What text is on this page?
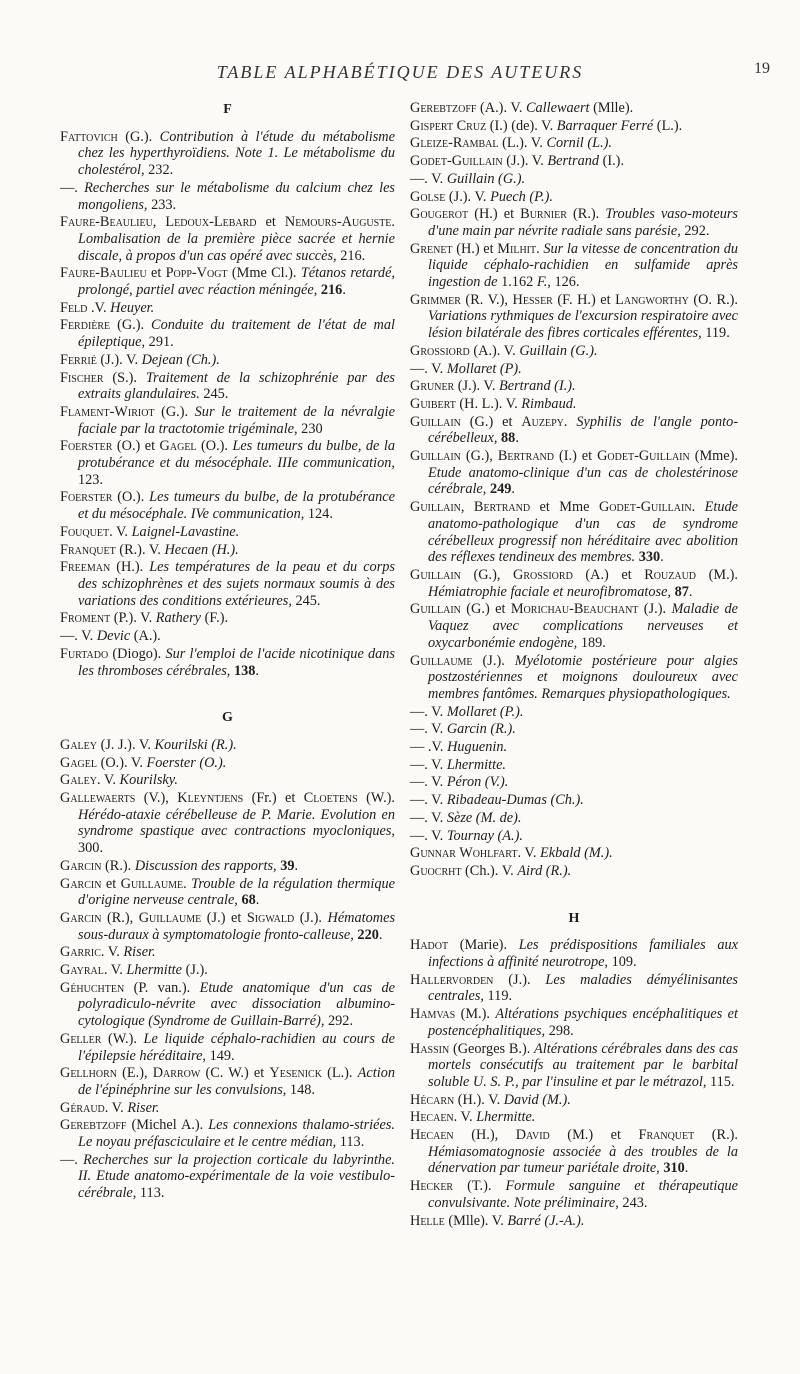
TABLE ALPHABÉTIQUE DES AUTEURS	19
F
Fattovich (G.). Contribution à l'étude du métabolisme chez les hyperthyroïdiens. Note 1. Le métabolisme du cholestérol, 232.
—. Recherches sur le métabolisme du calcium chez les mongoliens, 233.
Faure-Beaulieu, Ledoux-Lebard et Nemours-Auguste. Lombalisation de la première pièce sacrée et hernie discale, à propos d'un cas opéré avec succès, 216.
Faure-Baulieu et Popp-Vogt (Mme Cl.). Tétanos retardé, prolongé, partiel avec réaction méningée, 216.
Feld .V. Heuyer.
Ferdière (G.). Conduite du traitement de l'état de mal épileptique, 291.
Ferrié (J.). V. Dejean (Ch.).
Fischer (S.). Traitement de la schizophrénie par des extraits glandulaires. 245.
Flament-Wiriot (G.). Sur le traitement de la névralgie faciale par la tractotomie trigéminale, 230
Foerster (O.) et Gagel (O.). Les tumeurs du bulbe, de la protubérance et du mésocéphale. IIIe communication, 123.
Foerster (O.). Les tumeurs du bulbe, de la protubérance et du mésocéphale. IVe communication, 124.
Fouquet. V. Laignel-Lavastine.
Franquet (R.). V. Hecaen (H.).
Freeman (H.). Les températures de la peau et du corps des schizophrènes et des sujets normaux soumis à des variations des conditions extérieures, 245.
Froment (P.). V. Rathery (F.).
—. V. Devic (A.).
Furtado (Diogo). Sur l'emploi de l'acide nicotinique dans les thromboses cérébrales, 138.
G
Galey (J. J.). V. Kourilski (R.).
Gagel (O.). V. Foerster (O.).
Galey. V. Kourilsky.
Gallewaerts (V.), Kleyntjens (Fr.) et Cloetens (W.). Hérédo-ataxie cérébelleuse de P. Marie. Evolution en syndrome spastique avec contractions myocloniques, 300.
Garcin (R.). Discussion des rapports, 39.
Garcin et Guillaume. Trouble de la régulation thermique d'origine nerveuse centrale, 68.
Garcin (R.), Guillaume (J.) et Sigwald (J.). Hématomes sous-duraux à symptomatologie fronto-calleuse, 220.
Garric. V. Riser.
Gayral. V. Lhermitte (J.).
Géhuchten (P. van.). Etude anatomique d'un cas de polyradiculo-névrite avec dissociation albumino-cytologique (Syndrome de Guillain-Barré), 292.
Geller (W.). Le liquide céphalo-rachidien au cours de l'épilepsie héréditaire, 149.
Gellhorn (E.), Darrow (C. W.) et Yesenick (L.). Action de l'épinéphrine sur les convulsions, 148.
Géraud. V. Riser.
Gerebtzoff (Michel A.). Les connexions thalamo-striées. Le noyau préfasciculaire et le centre médian, 113.
—. Recherches sur la projection corticale du labyrinthe. II. Etude anatomo-expérimentale de la voie vestibulo-cérébrale, 113.
Gerebtzoff (A.). V. Callewaert (Mlle).
Gispert Cruz (I.) (de). V. Barraquer Ferré (L.).
Gleize-Rambal (L.). V. Cornil (L.).
Godet-Guillain (J.). V. Bertrand (I.).
—. V. Guillain (G.).
Golse (J.). V. Puech (P.).
Gougerot (H.) et Burnier (R.). Troubles vaso-moteurs d'une main par névrite radiale sans parésie, 292.
Grenet (H.) et Milhit. Sur la vitesse de concentration du liquide céphalo-rachidien en sulfamide après ingestion de 1.162 F., 126.
Grimmer (R. V.), Hesser (F. H.) et Langworthy (O. R.). Variations rythmiques de l'excursion respiratoire avec lésion bilatérale des fibres corticales efférentes, 119.
Grossiord (A.). V. Guillain (G.).
—. V. Mollaret (P).
Gruner (J.). V. Bertrand (I.).
Guibert (H. L.). V. Rimbaud.
Guillain (G.) et Auzepy. Syphilis de l'angle ponto-cérébelleux, 88.
Guillain (G.), Bertrand (I.) et Godet-Guillain (Mme). Etude anatomo-clinique d'un cas de cholestérinose cérébrale, 249.
Guillain, Bertrand et Mme Godet-Guillain. Etude anatomo-pathologique d'un cas de syndrome cérébelleux progressif non héréditaire avec abolition des réflexes tendineux des membres. 330.
Guillain (G.), Grossiord (A.) et Rouzaud (M.). Hémiatrophie faciale et neurofibromatose, 87.
Guillain (G.) et Morichau-Beauchant (J.). Maladie de Vaquez avec complications nerveuses et oxycarbonémie endogène, 189.
Guillaume (J.). Myélotomie postérieure pour algies postzostériennes et moignons douloureux avec membres fantômes. Remarques physiopathologiques.
—. V. Mollaret (P.).
—. V. Garcin (R.).
— .V. Huguenin.
—. V. Lhermitte.
—. V. Péron (V.).
—. V. Ribadeau-Dumas (Ch.).
—. V. Sèze (M. de).
—. V. Tournay (A.).
Gunnar Wohlfart. V. Ekbald (M.).
Guocrht (Ch.). V. Aird (R.).
H
Hadot (Marie). Les prédispositions familiales aux infections à affinité neurotrope, 109.
Hallervorden (J.). Les maladies démyélinisantes centrales, 119.
Hamvas (M.). Altérations psychiques encéphalitiques et postencéphalitiques, 298.
Hassin (Georges B.). Altérations cérébrales dans des cas mortels consécutifs au traitement par le barbital soluble U. S. P., par l'insuline et par le métrazol, 115.
Hécarn (H.). V. David (M.).
Hecaen. V. Lhermitte.
Hecaen (H.), David (M.) et Franquet (R.). Hémiasomatognosie associée à des troubles de la dénervation par tumeur pariétale droite, 310.
Hecker (T.). Formule sanguine et thérapeutique convulsivante. Note préliminaire, 243.
Helle (Mlle). V. Barré (J.-A.).
